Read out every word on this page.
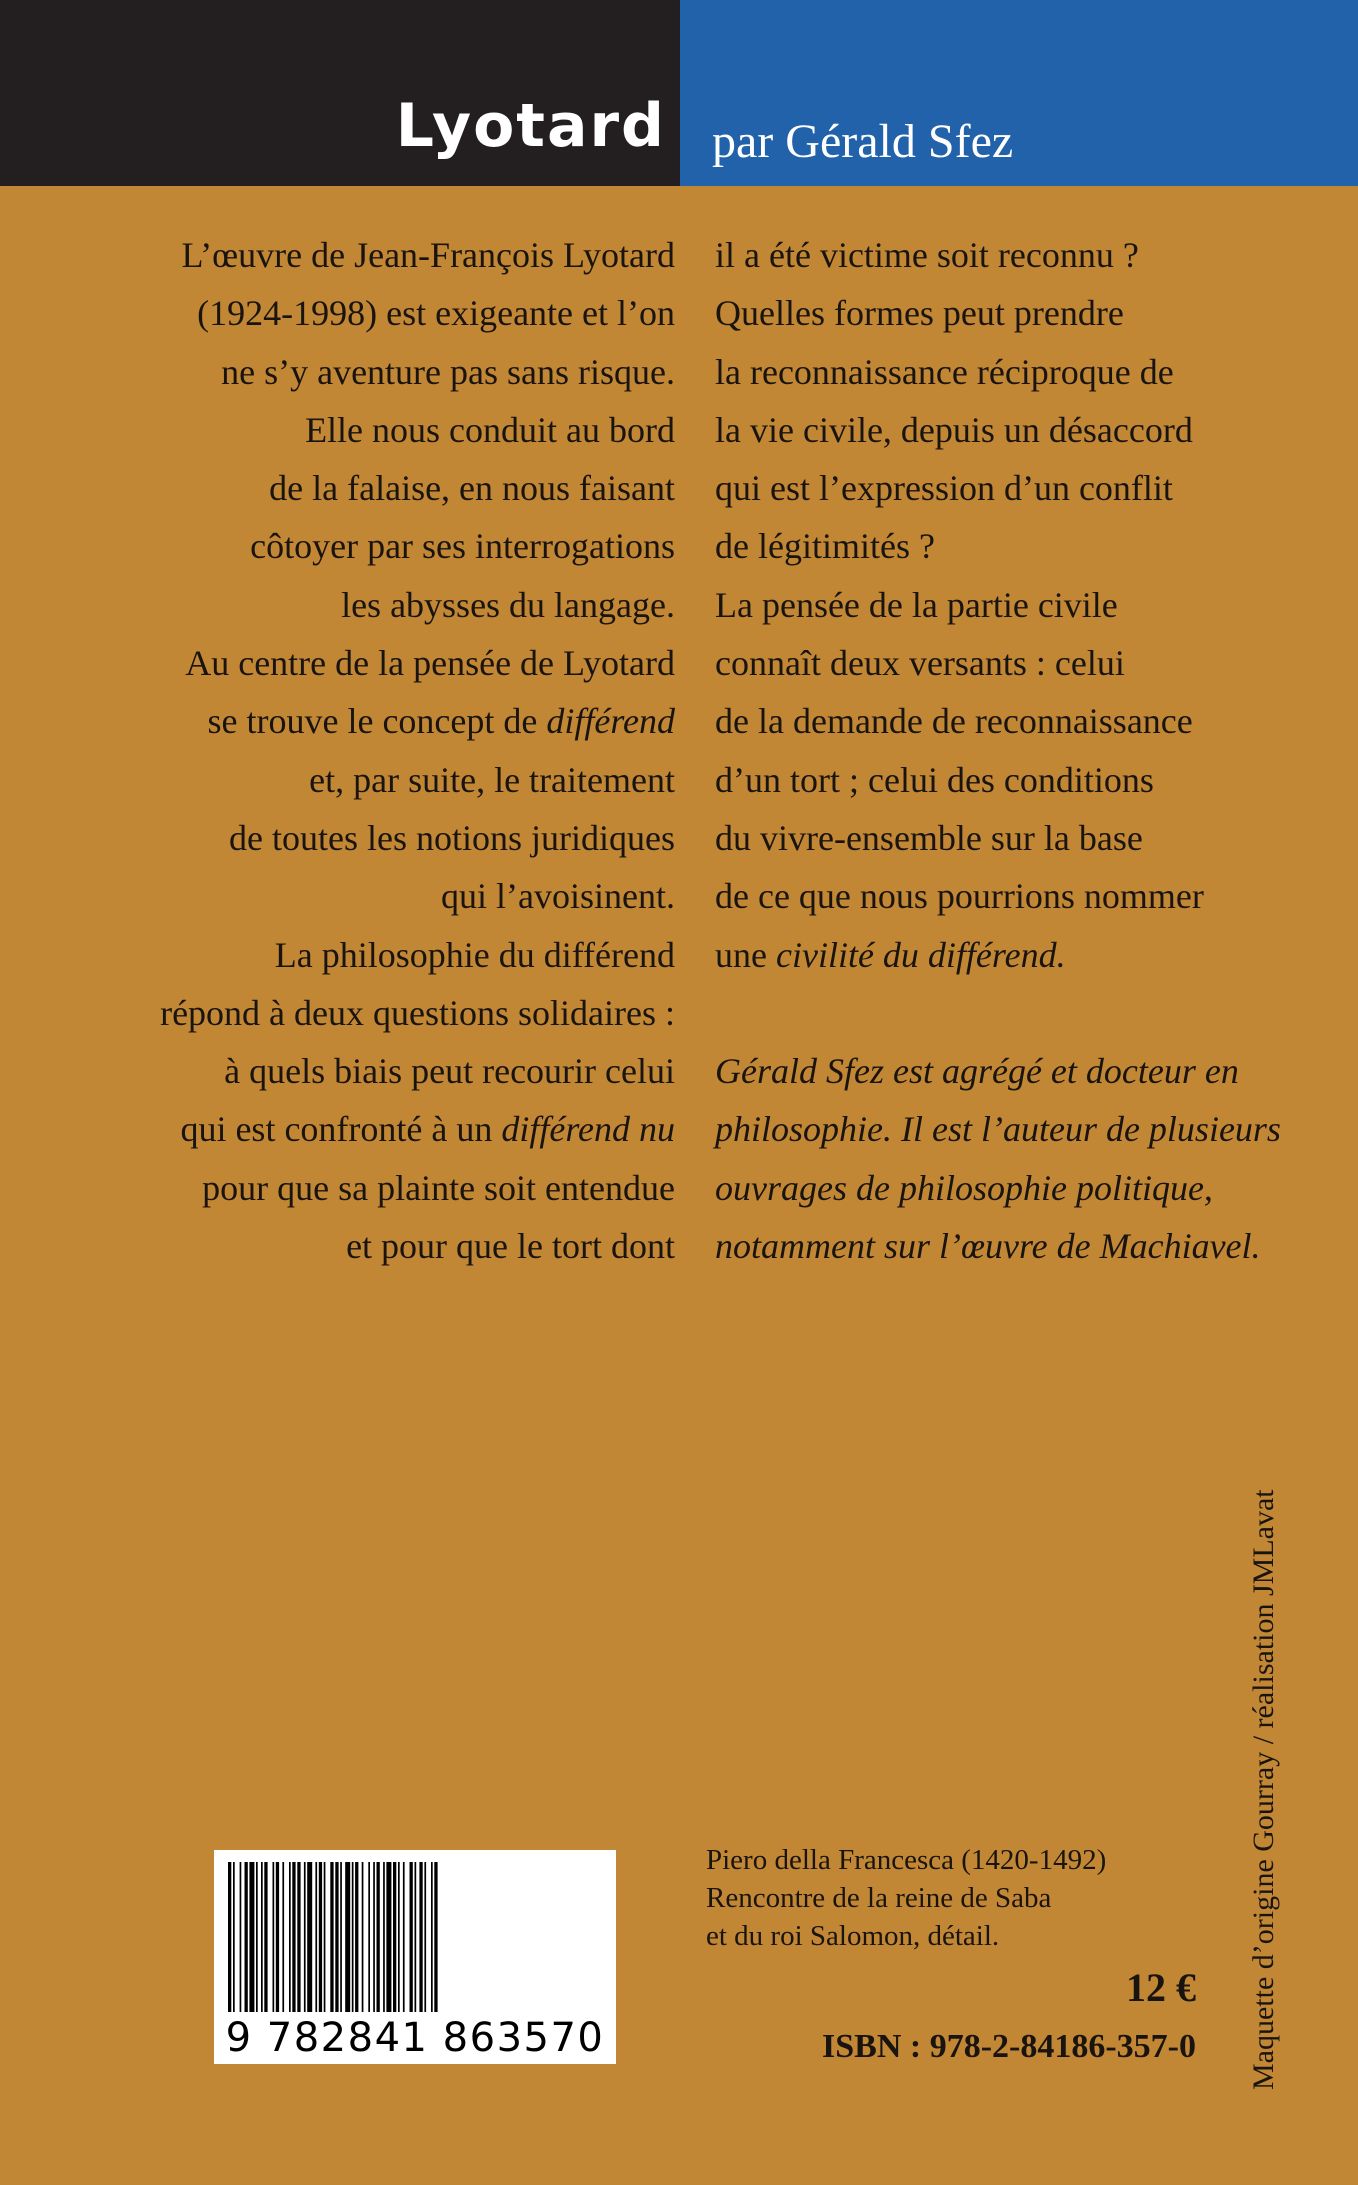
Lyotard par Gérald Sfez
L’œuvre de Jean-François Lyotard
(1924-1998) est exigeante et l’on
ne s’y aventure pas sans risque.
Elle nous conduit au bord
de la falaise, en nous faisant
côtoyer par ses interrogations
les abysses du langage.
Au centre de la pensée de Lyotard
se trouve le concept de différend
et, par suite, le traitement
de toutes les notions juridiques
qui l’avoisinent.
La philosophie du différend
répond à deux questions solidaires :
à quels biais peut recourir celui
qui est confronté à un différend nu
pour que sa plainte soit entendue
et pour que le tort dont
il a été victime soit reconnu ?
Quelles formes peut prendre
la reconnaissance réciproque de
la vie civile, depuis un désaccord
qui est l’expression d’un conflit
de légitimités ?
La pensée de la partie civile
connaît deux versants : celui
de la demande de reconnaissance
d’un tort ; celui des conditions
du vivre-ensemble sur la base
de ce que nous pourrions nommer
une civilité du différend.
Gérald Sfez est agrégé et docteur en
philosophie. Il est l’auteur de plusieurs
ouvrages de philosophie politique,
notamment sur l’œuvre de Machiavel.
9 782841 863570
Piero della Francesca (1420-1492)
Rencontre de la reine de Saba
et du roi Salomon, détail.
12 €
ISBN : 978-2-84186-357-0 Maquette d’origine Gourray / réalisation JMLavat
